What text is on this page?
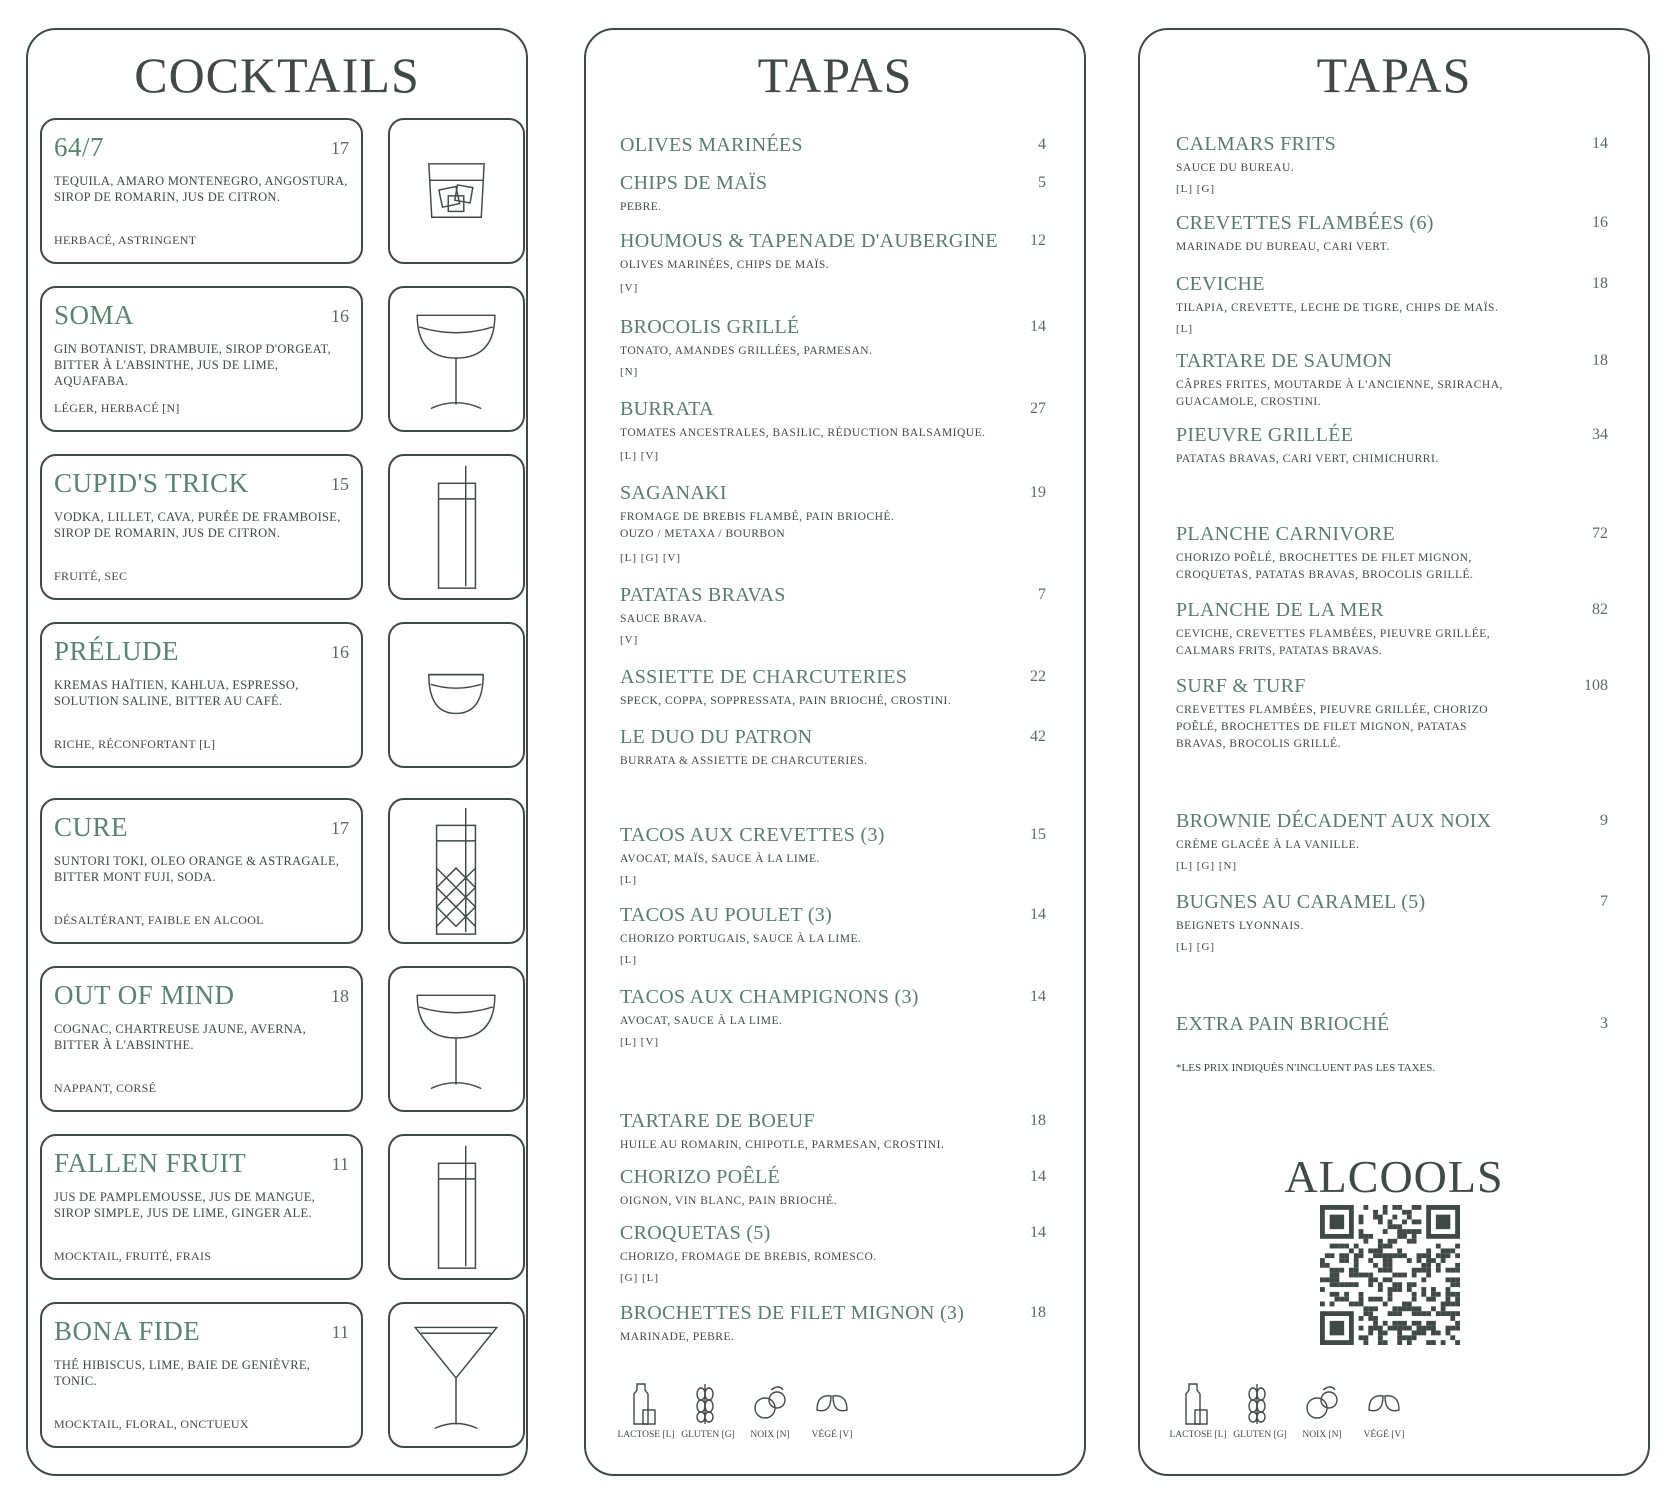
COCKTAILS
64/7	17
TEQUILA, AMARO MONTENEGRO, ANGOSTURA, SIROP DE ROMARIN, JUS DE CITRON.
HERBACÉ, ASTRINGENT
SOMA	16
GIN BOTANIST, DRAMBUIE, SIROP D'ORGEAT, BITTER À L'ABSINTHE, JUS DE LIME, AQUAFABA.
LÉGER, HERBACÉ [N]
CUPID'S TRICK	15
VODKA, LILLET, CAVA, PURÉE DE FRAMBOISE, SIROP DE ROMARIN, JUS DE CITRON.
FRUITÉ, SEC
PRÉLUDE	16
KREMAS HAÏTIEN, KAHLUA, ESPRESSO, SOLUTION SALINE, BITTER AU CAFÉ.
RICHE, RÉCONFORTANT [L]
CURE	17
SUNTORI TOKI, OLEO ORANGE & ASTRAGALE, BITTER MONT FUJI, SODA.
DÉSALTÉRANT, FAIBLE EN ALCOOL
OUT OF MIND	18
COGNAC, CHARTREUSE JAUNE, AVERNA, BITTER À L'ABSINTHE.
NAPPANT, CORSÉ
FALLEN FRUIT	11
JUS DE PAMPLEMOUSSE, JUS DE MANGUE, SIROP SIMPLE, JUS DE LIME, GINGER ALE.
MOCKTAIL, FRUITÉ, FRAIS
BONA FIDE	11
THÉ HIBISCUS, LIME, BAIE DE GENIÈVRE, TONIC.
MOCKTAIL, FLORAL, ONCTUEUX
TAPAS	TAPAS
ALCOOLS
OLIVES MARINÉES	4
CHIPS DE MAÏS	5
PEBRE.
HOUMOUS & TAPENADE D'AUBERGINE	12
OLIVES MARINÉES, CHIPS DE MAÏS.
[V]
BROCOLIS GRILLÉ	14
TONATO, AMANDES GRILLÉES, PARMESAN.
[N]
BURRATA	27
TOMATES ANCESTRALES, BASILIC, RÉDUCTION BALSAMIQUE.
[L] [V]
SAGANAKI	19
FROMAGE DE BREBIS FLAMBÉ, PAIN BRIOCHÉ.
OUZO / METAXA / BOURBON
[L] [G] [V]
PATATAS BRAVAS	7
SAUCE BRAVA.
[V]
ASSIETTE DE CHARCUTERIES	22
SPECK, COPPA, SOPPRESSATA, PAIN BRIOCHÉ, CROSTINI.
LE DUO DU PATRON	42
BURRATA & ASSIETTE DE CHARCUTERIES.
TACOS AUX CREVETTES (3)	15
AVOCAT, MAÏS, SAUCE À LA LIME.
[L]
TACOS AU POULET (3)	14
CHORIZO PORTUGAIS, SAUCE À LA LIME.
[L]
TACOS AUX CHAMPIGNONS (3)	14
AVOCAT, SAUCE À LA LIME.
[L] [V]
TARTARE DE BOEUF	18
HUILE AU ROMARIN, CHIPOTLE, PARMESAN, CROSTINI.
CHORIZO POÊLÉ	14
OIGNON, VIN BLANC, PAIN BRIOCHÉ.
CROQUETAS (5)	14
CHORIZO, FROMAGE DE BREBIS, ROMESCO.
[G] [L]
BROCHETTES DE FILET MIGNON (3)	18
MARINADE, PEBRE.
CALMARS FRITS	14
SAUCE DU BUREAU.
[L] [G]
CREVETTES FLAMBÉES (6)	16
MARINADE DU BUREAU, CARI VERT.
CEVICHE	18
TILAPIA, CREVETTE, LECHE DE TIGRE, CHIPS DE MAÏS.
[L]
TARTARE DE SAUMON	18
CÂPRES FRITES, MOUTARDE À L'ANCIENNE, SRIRACHA,
GUACAMOLE, CROSTINI.
PIEUVRE GRILLÉE	34
PATATAS BRAVAS, CARI VERT, CHIMICHURRI.
PLANCHE CARNIVORE	72
CHORIZO POÊLÉ, BROCHETTES DE FILET MIGNON,
CROQUETAS, PATATAS BRAVAS, BROCOLIS GRILLÉ.
PLANCHE DE LA MER	82
CEVICHE, CREVETTES FLAMBÉES, PIEUVRE GRILLÉE,
CALMARS FRITS, PATATAS BRAVAS.
SURF & TURF	108
CREVETTES FLAMBÉES, PIEUVRE GRILLÉE, CHORIZO
POÊLÉ, BROCHETTES DE FILET MIGNON, PATATAS
BRAVAS, BROCOLIS GRILLÉ.
BROWNIE DÉCADENT AUX NOIX	9
CRÈME GLACÉE À LA VANILLE.
[L] [G] [N]
BUGNES AU CARAMEL (5)	7
BEIGNETS LYONNAIS.
[L] [G]
EXTRA PAIN BRIOCHÉ	3
*LES PRIX INDIQUÉS N'INCLUENT PAS LES TAXES.
LACTOSE [L] GLUTEN [G]	NOIX [N]	VÉGÉ [V]	LACTOSE [L] GLUTEN [G]	NOIX [N]	VÉGÉ [V]
